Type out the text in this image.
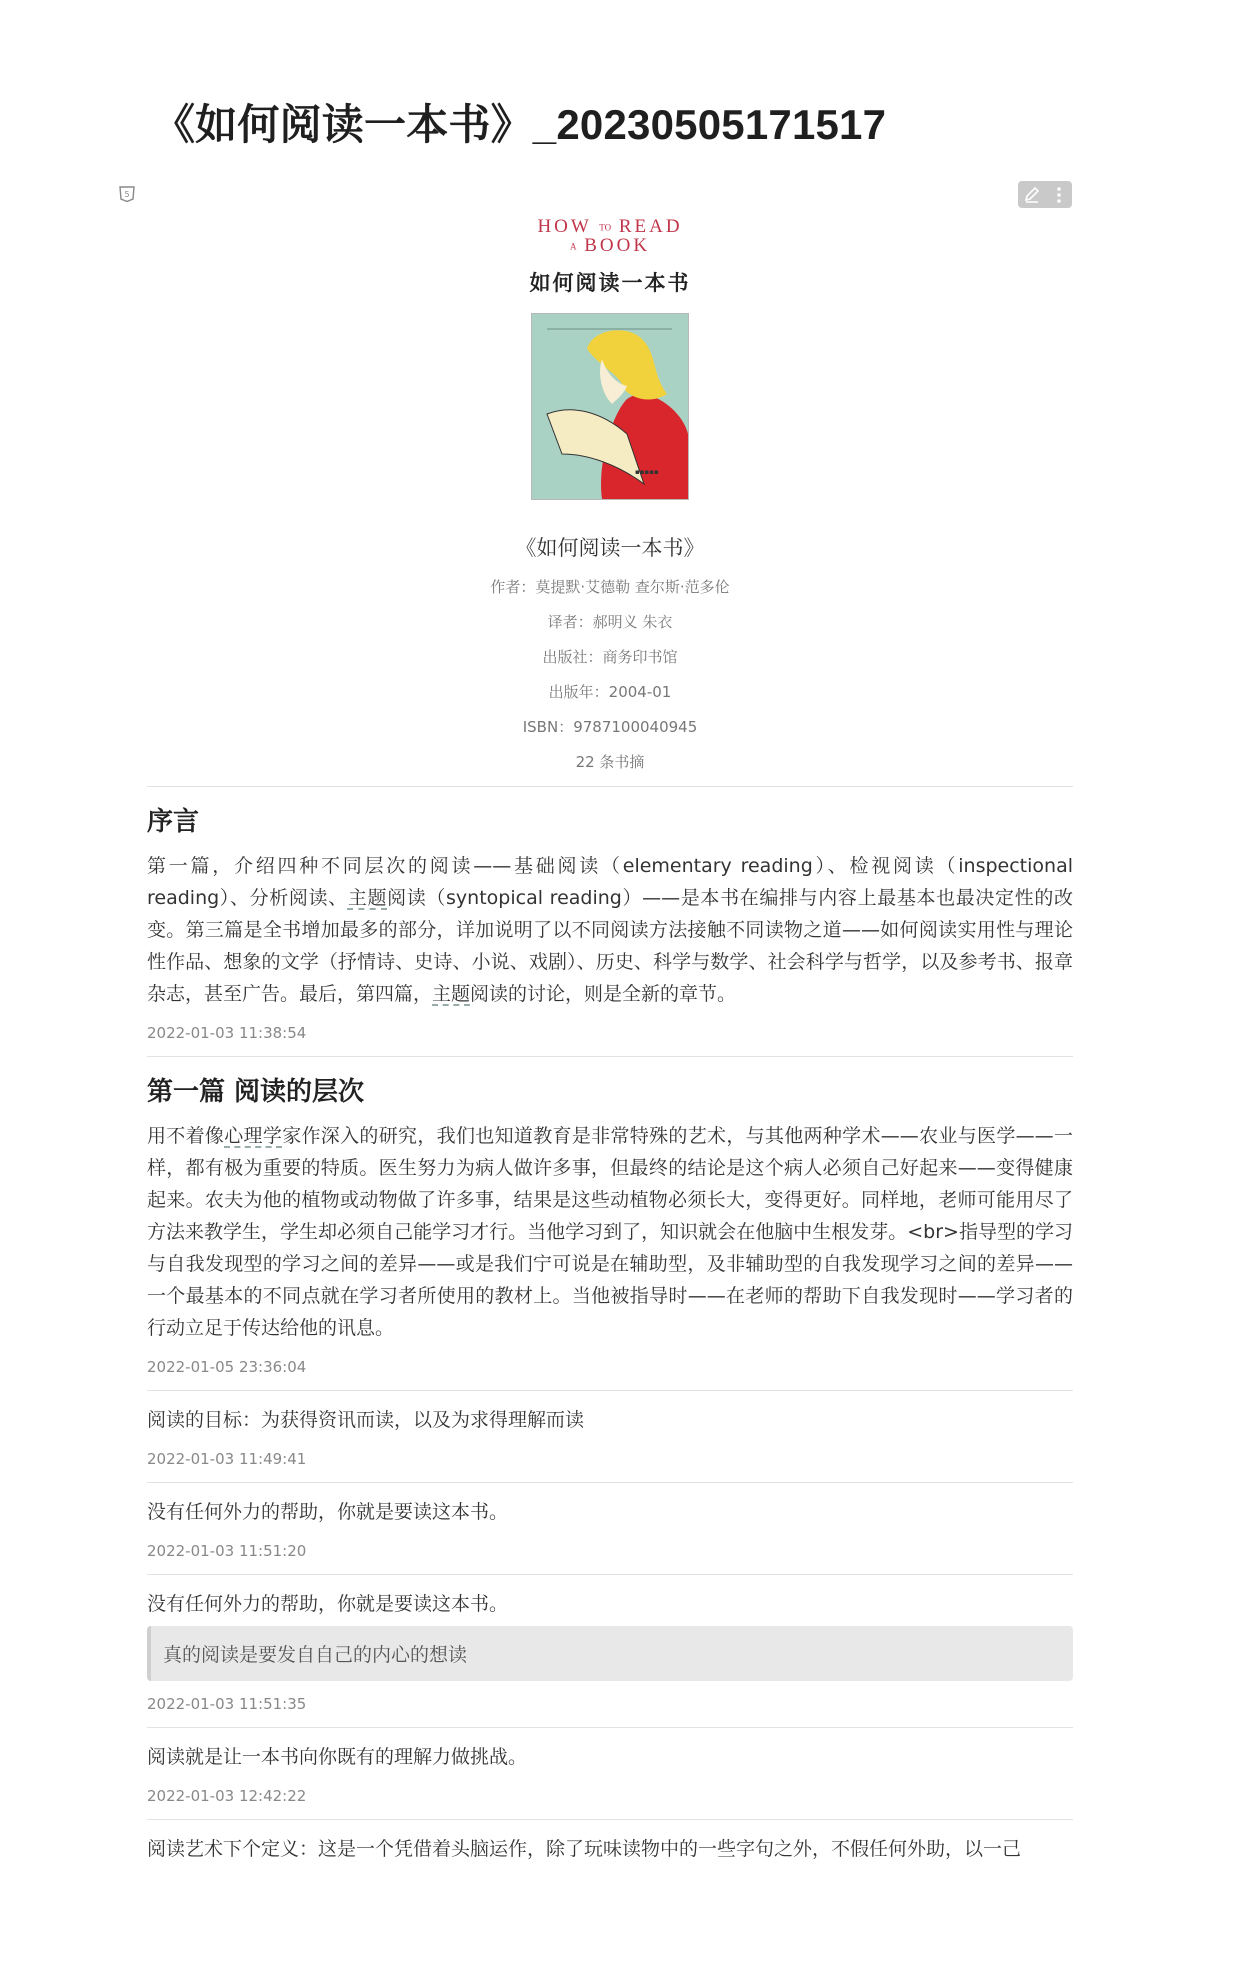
《如何阅读一本书》_20230505171517
5
HOW TO READ
A BOOK
如何阅读一本书
▪▪▪▪▪
《如何阅读一本书》
作者：莫提默·艾德勒 查尔斯·范多伦
译者：郝明义 朱衣
出版社：商务印书馆
出版年：2004-01
ISBN：9787100040945
22 条书摘
序言

第一篇，介绍四种不同层次的阅读——基础阅读（elementary reading）、检视阅读（inspectional reading）、分析阅读、主题阅读（syntopical reading）——是本书在编排与内容上最基本也最决定性的改变。第三篇是全书增加最多的部分，详加说明了以不同阅读方法接触不同读物之道——如何阅读实用性与理论性作品、想象的文学（抒情诗、史诗、小说、戏剧）、历史、科学与数学、社会科学与哲学，以及参考书、报章杂志，甚至广告。最后，第四篇，主题阅读的讨论，则是全新的章节。

2022-01-03 11:38:54
第一篇 阅读的层次

用不着像心理学家作深入的研究，我们也知道教育是非常特殊的艺术，与其他两种学术——农业与医学——一样，都有极为重要的特质。医生努力为病人做许多事，但最终的结论是这个病人必须自己好起来——变得健康起来。农夫为他的植物或动物做了许多事，结果是这些动植物必须长大，变得更好。同样地，老师可能用尽了方法来教学生，学生却必须自己能学习才行。当他学习到了，知识就会在他脑中生根发芽。<br>指导型的学习与自我发现型的学习之间的差异——或是我们宁可说是在辅助型，及非辅助型的自我发现学习之间的差异——一个最基本的不同点就在学习者所使用的教材上。当他被指导时——在老师的帮助下自我发现时——学习者的行动立足于传达给他的讯息。

2022-01-05 23:36:04
阅读的目标：为获得资讯而读，以及为求得理解而读
2022-01-03 11:49:41
没有任何外力的帮助，你就是要读这本书。
2022-01-03 11:51:20
没有任何外力的帮助，你就是要读这本书。
真的阅读是要发自自己的内心的想读
2022-01-03 11:51:35
阅读就是让一本书向你既有的理解力做挑战。
2022-01-03 12:42:22
阅读艺术下个定义：这是一个凭借着头脑运作，除了玩味读物中的一些字句之外，不假任何外助，以一己
